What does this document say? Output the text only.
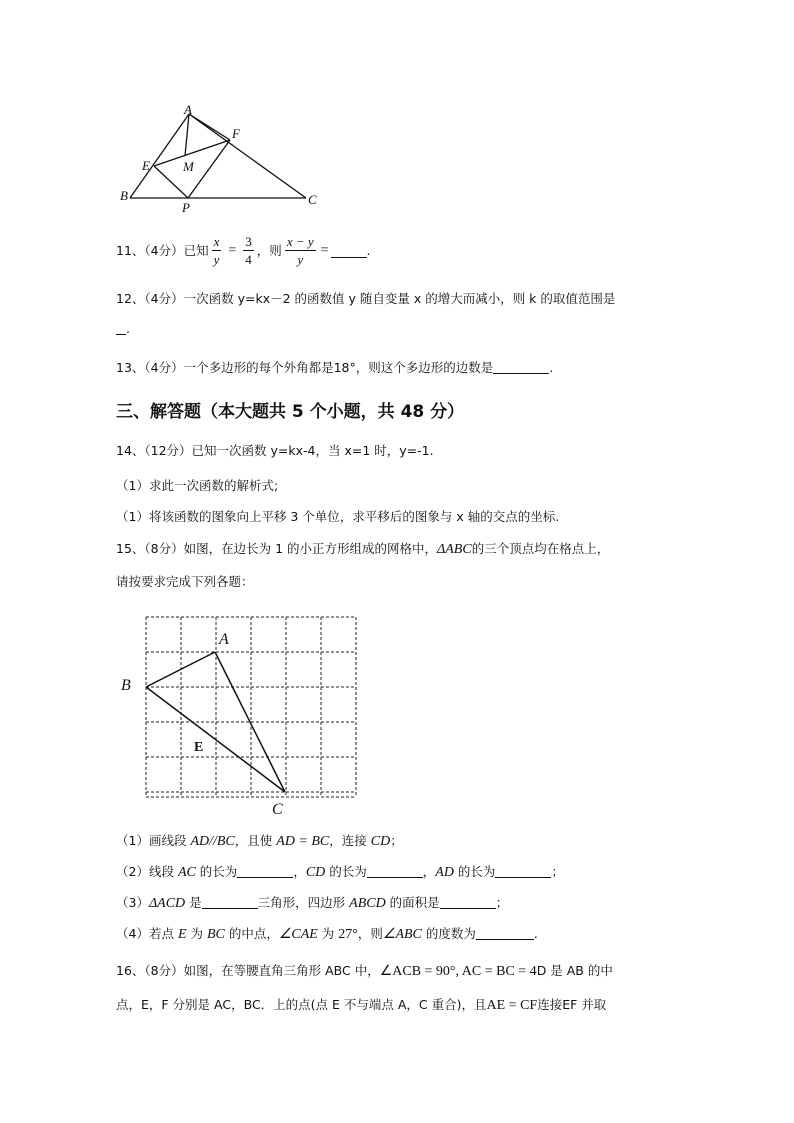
A
F
E	M
B
P
C
11、（4分）已知 $\frac{x}{y} = \frac{3}{4}$ ，则 $\frac{x - y}{y}$ =	.
12、（4分）一次函数 y=kx－2 的函数值 y 随自变量 x 的增大而减小，则 k 的取值范围是
.
13、（4分）一个多边形的每个外角都是18°，则这个多边形的边数是	.
三、解答题（本大题共 5 个小题，共 48 分）
14、（12分）已知一次函数 y=kx-4，当 x=1 时，y=-1.
（1）求此一次函数的解析式;
（1）将该函数的图象向上平移 3 个单位，求平移后的图象与 x 轴的交点的坐标.
15、（8分）如图，在边长为 1 的小正方形组成的网格中，ΔABC的三个顶点均在格点上，
请按要求完成下列各题：
A
B
C
E
（1）画线段 AD//BC，且使 AD = BC，连接 CD；
（2）线段 AC 的长为	，CD 的长为	，AD 的长为	；
（3）ΔACD 是	三角形，四边形 ABCD 的面积是	；
（4）若点 E 为 BC 的中点，∠CAE 为 27°，则∠ABC 的度数为	.
16、（8分）如图，在等腰直角三角形 ABC 中，∠ACB = 90°, AC = BC = 4D 是 AB 的中
点，E，F 分别是 AC，BC．上的点(点 E 不与端点 A，C 重合)，且AE = CF连接EF 并取
